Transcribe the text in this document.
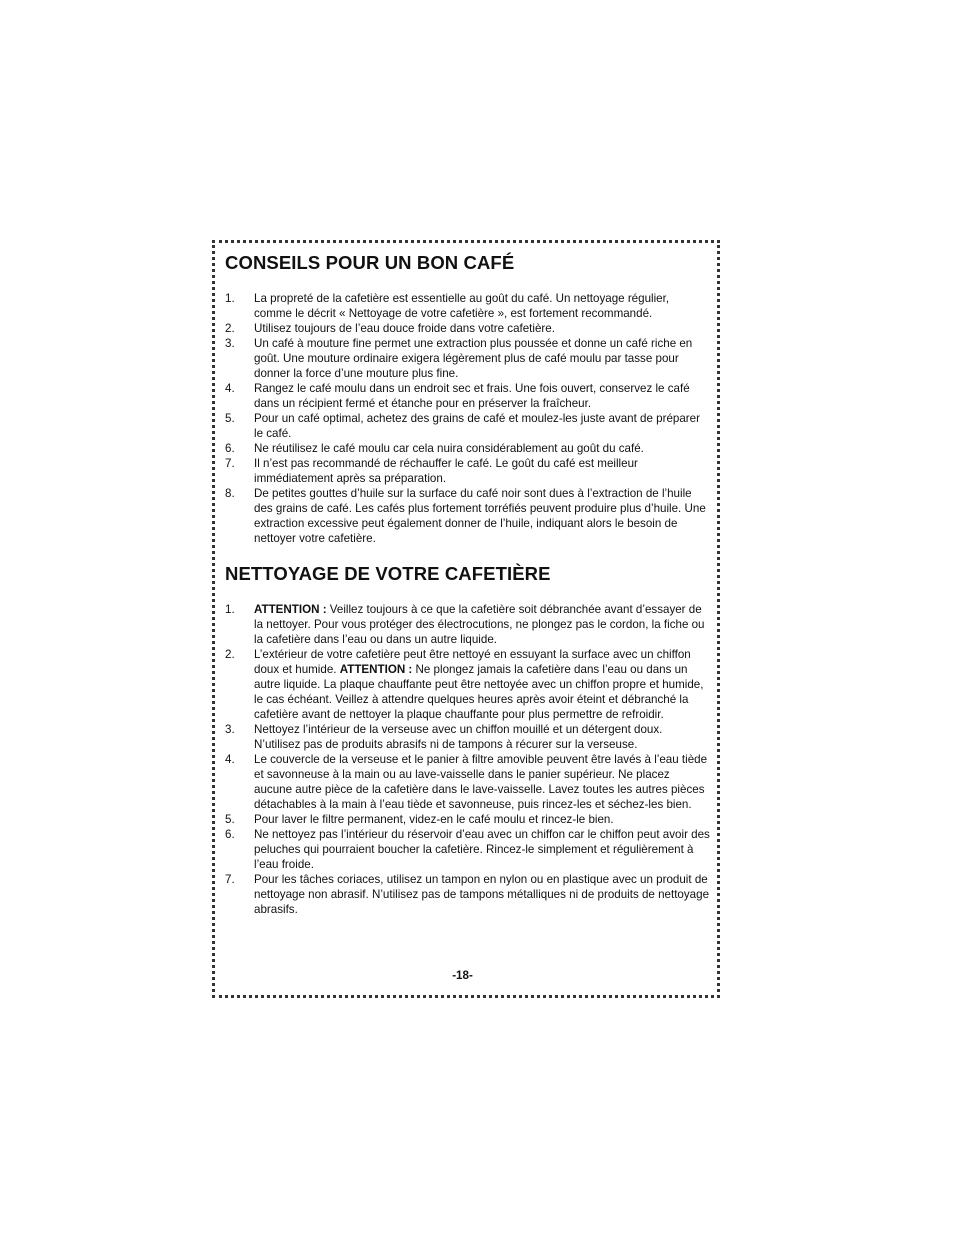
CONSEILS POUR UN BON CAFÉ
1. La propreté de la cafetière est essentielle au goût du café. Un nettoyage régulier, comme le décrit « Nettoyage de votre cafetière », est fortement recommandé.
2. Utilisez toujours de l’eau douce froide dans votre cafetière.
3. Un café à mouture fine permet une extraction plus poussée et donne un café riche en goût. Une mouture ordinaire exigera légèrement plus de café moulu par tasse pour donner la force d’une mouture plus fine.
4. Rangez le café moulu dans un endroit sec et frais. Une fois ouvert, conservez le café dans un récipient fermé et étanche pour en préserver la fraîcheur.
5. Pour un café optimal, achetez des grains de café et moulez-les juste avant de préparer le café.
6. Ne réutilisez le café moulu car cela nuira considérablement au goût du café.
7. Il n’est pas recommandé de réchauffer le café. Le goût du café est meilleur immédiatement après sa préparation.
8. De petites gouttes d’huile sur la surface du café noir sont dues à l’extraction de l’huile des grains de café. Les cafés plus fortement torréfiés peuvent produire plus d’huile. Une extraction excessive peut également donner de l’huile, indiquant alors le besoin de nettoyer votre cafetière.
NETTOYAGE DE VOTRE CAFETIÈRE
1. ATTENTION : Veillez toujours à ce que la cafetière soit débranchée avant d’essayer de la nettoyer. Pour vous protéger des électrocutions, ne plongez pas le cordon, la fiche ou la cafetière dans l’eau ou dans un autre liquide.
2. L’extérieur de votre cafetière peut être nettoyé en essuyant la surface avec un chiffon doux et humide. ATTENTION : Ne plongez jamais la cafetière dans l’eau ou dans un autre liquide. La plaque chauffante peut être nettoyée avec un chiffon propre et humide, le cas échéant. Veillez à attendre quelques heures après avoir éteint et débranché la cafetière avant de nettoyer la plaque chauffante pour plus permettre de refroidir.
3. Nettoyez l’intérieur de la verseuse avec un chiffon mouillé et un détergent doux. N’utilisez pas de produits abrasifs ni de tampons à récurer sur la verseuse.
4. Le couvercle de la verseuse et le panier à filtre amovible peuvent être lavés à l’eau tiède et savonneuse à la main ou au lave-vaisselle dans le panier supérieur. Ne placez aucune autre pièce de la cafetière dans le lave-vaisselle. Lavez toutes les autres pièces détachables à la main à l’eau tiède et savonneuse, puis rincez-les et séchez-les bien.
5. Pour laver le filtre permanent, videz-en le café moulu et rincez-le bien.
6. Ne nettoyez pas l’intérieur du réservoir d’eau avec un chiffon car le chiffon peut avoir des peluches qui pourraient boucher la cafetière. Rincez-le simplement et régulièrement à l’eau froide.
7. Pour les tâches coriaces, utilisez un tampon en nylon ou en plastique avec un produit de nettoyage non abrasif. N’utilisez pas de tampons métalliques ni de produits de nettoyage abrasifs.
-18-
